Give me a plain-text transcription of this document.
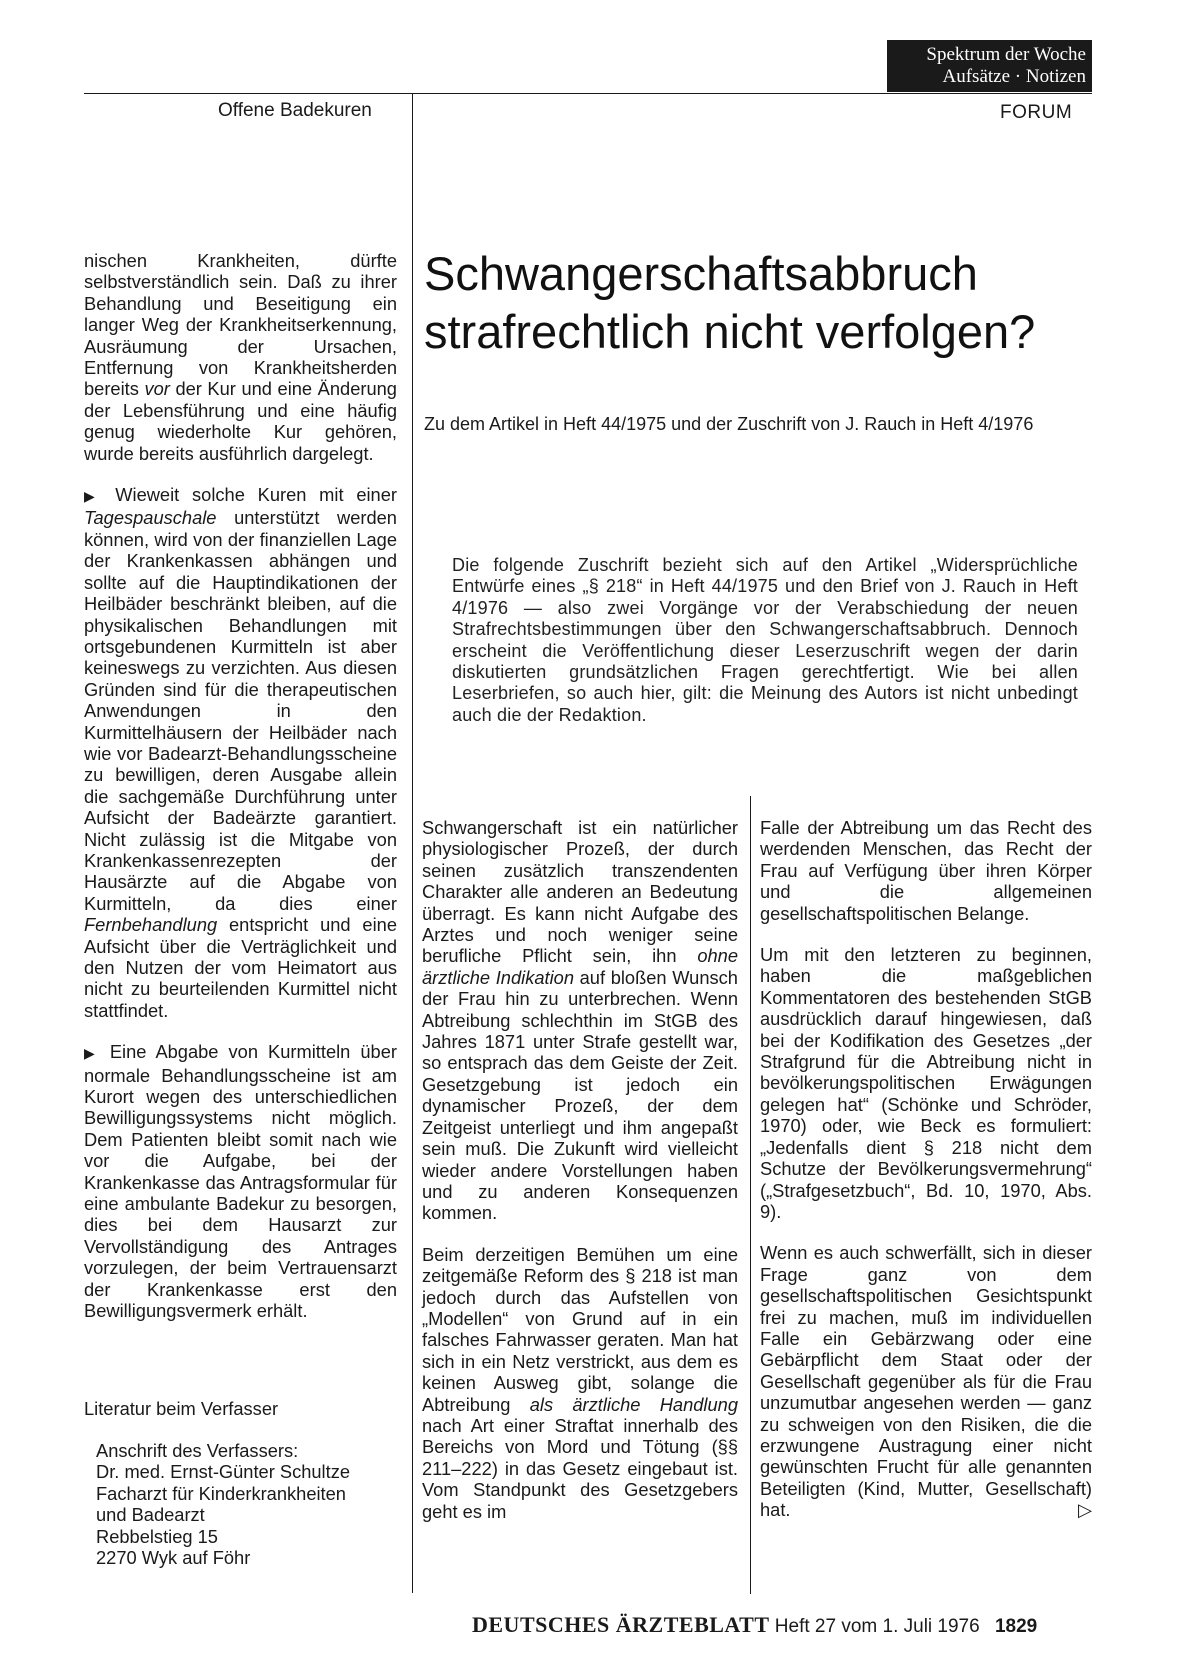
Spektrum der Woche
Aufsätze · Notizen
Offene Badekuren	FORUM

nischen Krankheiten, dürfte selbstverständlich sein. Daß zu ihrer Behandlung und Beseitigung ein langer Weg der Krankheitserkennung, Ausräumung der Ursachen, Entfernung von Krankheitsherden bereits vor der Kur und eine Änderung der Lebensführung und eine häufig genug wiederholte Kur gehören, wurde bereits ausführlich dargelegt.

▶ Wieweit solche Kuren mit einer Tagespauschale unterstützt werden können, wird von der finanziellen Lage der Krankenkassen abhängen und sollte auf die Hauptindikationen der Heilbäder beschränkt bleiben, auf die physikalischen Behandlungen mit ortsgebundenen Kurmitteln ist aber keineswegs zu verzichten. Aus diesen Gründen sind für die therapeutischen Anwendungen in den Kurmittelhäusern der Heilbäder nach wie vor Badearzt-Behandlungsscheine zu bewilligen, deren Ausgabe allein die sachgemäße Durchführung unter Aufsicht der Badeärzte garantiert. Nicht zulässig ist die Mitgabe von Krankenkassenrezepten der Hausärzte auf die Abgabe von Kurmitteln, da dies einer Fernbehandlung entspricht und eine Aufsicht über die Verträglichkeit und den Nutzen der vom Heimatort aus nicht zu beurteilenden Kurmittel nicht stattfindet.

▶ Eine Abgabe von Kurmitteln über normale Behandlungsscheine ist am Kurort wegen des unterschiedlichen Bewilligungssystems nicht möglich. Dem Patienten bleibt somit nach wie vor die Aufgabe, bei der Krankenkasse das Antragsformular für eine ambulante Badekur zu besorgen, dies bei dem Hausarzt zur Vervollständigung des Antrages vorzulegen, der beim Vertrauensarzt der Krankenkasse erst den Bewilligungsvermerk erhält.

Literatur beim Verfasser
Anschrift des Verfassers:
Dr. med. Ernst-Günter Schultze
Facharzt für Kinderkrankheiten
und Badearzt
Rebbelstieg 15
2270 Wyk auf Föhr
Schwangerschaftsabbruch
strafrechtlich nicht verfolgen?
Zu dem Artikel in Heft 44/1975 und der Zuschrift von J. Rauch in Heft 4/1976
Die folgende Zuschrift bezieht sich auf den Artikel „Widersprüchliche Entwürfe eines „§ 218“ in Heft 44/1975 und den Brief von J. Rauch in Heft 4/1976 — also zwei Vorgänge vor der Verabschiedung der neuen Strafrechtsbestimmungen über den Schwangerschaftsabbruch. Dennoch erscheint die Veröffentlichung dieser Leserzuschrift wegen der darin diskutierten grundsätzlichen Fragen gerechtfertigt. Wie bei allen Leserbriefen, so auch hier, gilt: die Meinung des Autors ist nicht unbedingt auch die der Redaktion.

Schwangerschaft ist ein natürlicher physiologischer Prozeß, der durch seinen zusätzlich transzendenten Charakter alle anderen an Bedeutung überragt. Es kann nicht Aufgabe des Arztes und noch weniger seine berufliche Pflicht sein, ihn ohne ärztliche Indikation auf bloßen Wunsch der Frau hin zu unterbrechen. Wenn Abtreibung schlechthin im StGB des Jahres 1871 unter Strafe gestellt war, so entsprach das dem Geiste der Zeit. Gesetzgebung ist jedoch ein dynamischer Prozeß, der dem Zeitgeist unterliegt und ihm angepaßt sein muß. Die Zukunft wird vielleicht wieder andere Vorstellungen haben und zu anderen Konsequenzen kommen.

Beim derzeitigen Bemühen um eine zeitgemäße Reform des § 218 ist man jedoch durch das Aufstellen von „Modellen“ von Grund auf in ein falsches Fahrwasser geraten. Man hat sich in ein Netz verstrickt, aus dem es keinen Ausweg gibt, solange die Abtreibung als ärztliche Handlung nach Art einer Straftat innerhalb des Bereichs von Mord und Tötung (§§ 211–222) in das Gesetz eingebaut ist. Vom Standpunkt des Gesetzgebers geht es im

Falle der Abtreibung um das Recht des werdenden Menschen, das Recht der Frau auf Verfügung über ihren Körper und die allgemeinen gesellschaftspolitischen Belange.

Um mit den letzteren zu beginnen, haben die maßgeblichen Kommentatoren des bestehenden StGB ausdrücklich darauf hingewiesen, daß bei der Kodifikation des Gesetzes „der Strafgrund für die Abtreibung nicht in bevölkerungspolitischen Erwägungen gelegen hat“ (Schönke und Schröder, 1970) oder, wie Beck es formuliert: „Jedenfalls dient § 218 nicht dem Schutze der Bevölkerungsvermehrung“ („Strafgesetzbuch“, Bd. 10, 1970, Abs. 9).

Wenn es auch schwerfällt, sich in dieser Frage ganz von dem gesellschaftspolitischen Gesichtspunkt frei zu machen, muß im individuellen Falle ein Gebärzwang oder eine Gebärpflicht dem Staat oder der Gesellschaft gegenüber als für die Frau unzumutbar angesehen werden — ganz zu schweigen von den Risiken, die die erzwungene Austragung einer nicht gewünschten Frucht für alle genannten Beteiligten (Kind, Mutter, Gesellschaft) hat.	▷

DEUTSCHES ÄRZTEBLATT Heft 27 vom 1. Juli 1976 1829
